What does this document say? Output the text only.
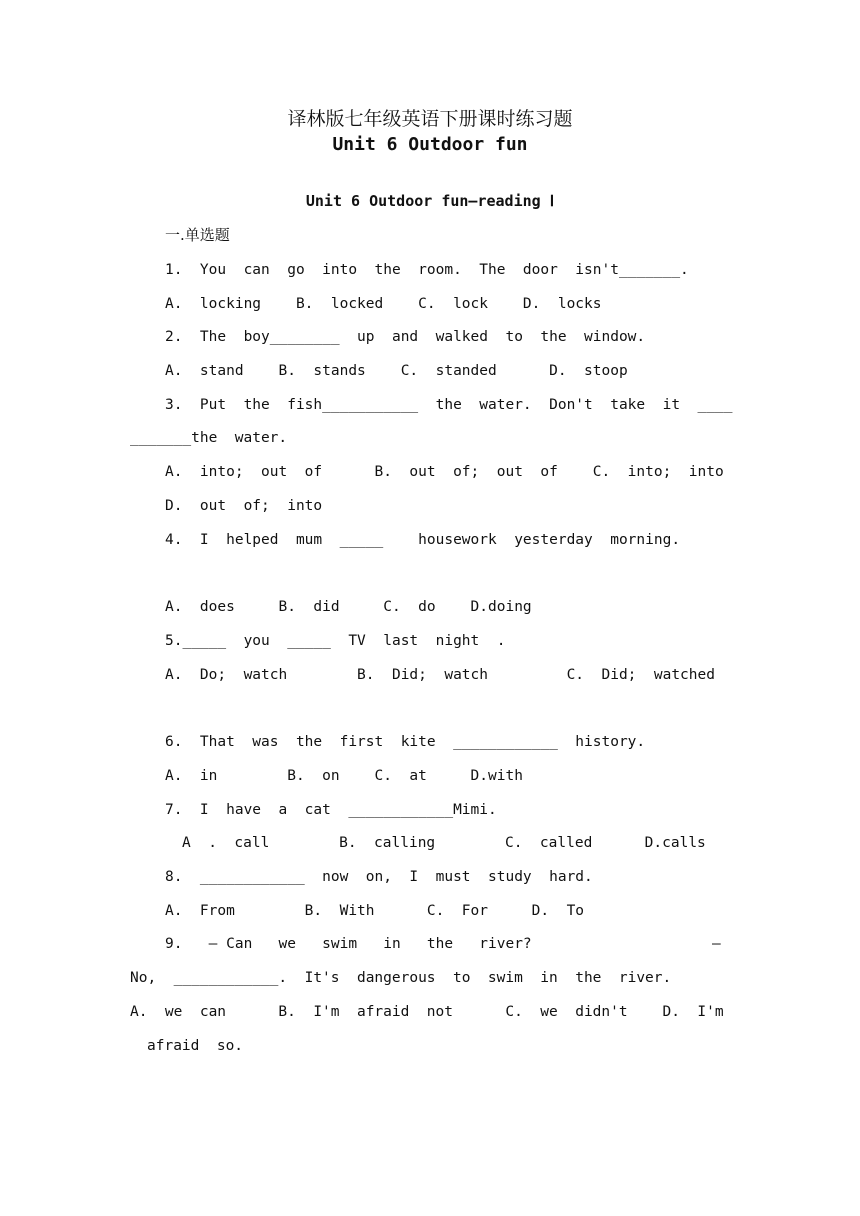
译林版七年级英语下册课时练习题
Unit 6 Outdoor fun
Unit 6 Outdoor fun—reading Ⅰ
一.单选题
1.  You  can  go  into  the  room.  The  door  isn't_______.
A.  locking    B.  locked    C.  lock    D.  locks
2.  The  boy________  up  and  walked  to  the  window.
A.  stand    B.  stands    C.  standed      D.  stoop
3.  Put  the  fish___________  the  water.  Don't  take  it  ____
_______the  water.
A.  into;  out  of      B.  out  of;  out  of    C.  into;  into
D.  out  of;  into
4.  I  helped  mum  _____    housework  yesterday  morning.
A.  does     B.  did     C.  do    D.doing
5._____  you  _____  TV  last  night  .
A.  Do;  watch        B.  Did;  watch         C.  Did;  watched
6.  That  was  the  first  kite  ____________  history.
A.  in        B.  on    C.  at     D.with
7.  I  have  a  cat  ____________Mimi.
A  .  call        B.  calling        C.  called      D.calls
8.  ____________  now  on,  I  must  study  hard.
A.  From        B.  With      C.  For     D.  To
9.   — Can   we   swim   in   the   river?	—
No,  ____________.  It's  dangerous  to  swim  in  the  river.
A.  we  can      B.  I'm  afraid  not      C.  we  didn't    D.  I'm
afraid  so.
